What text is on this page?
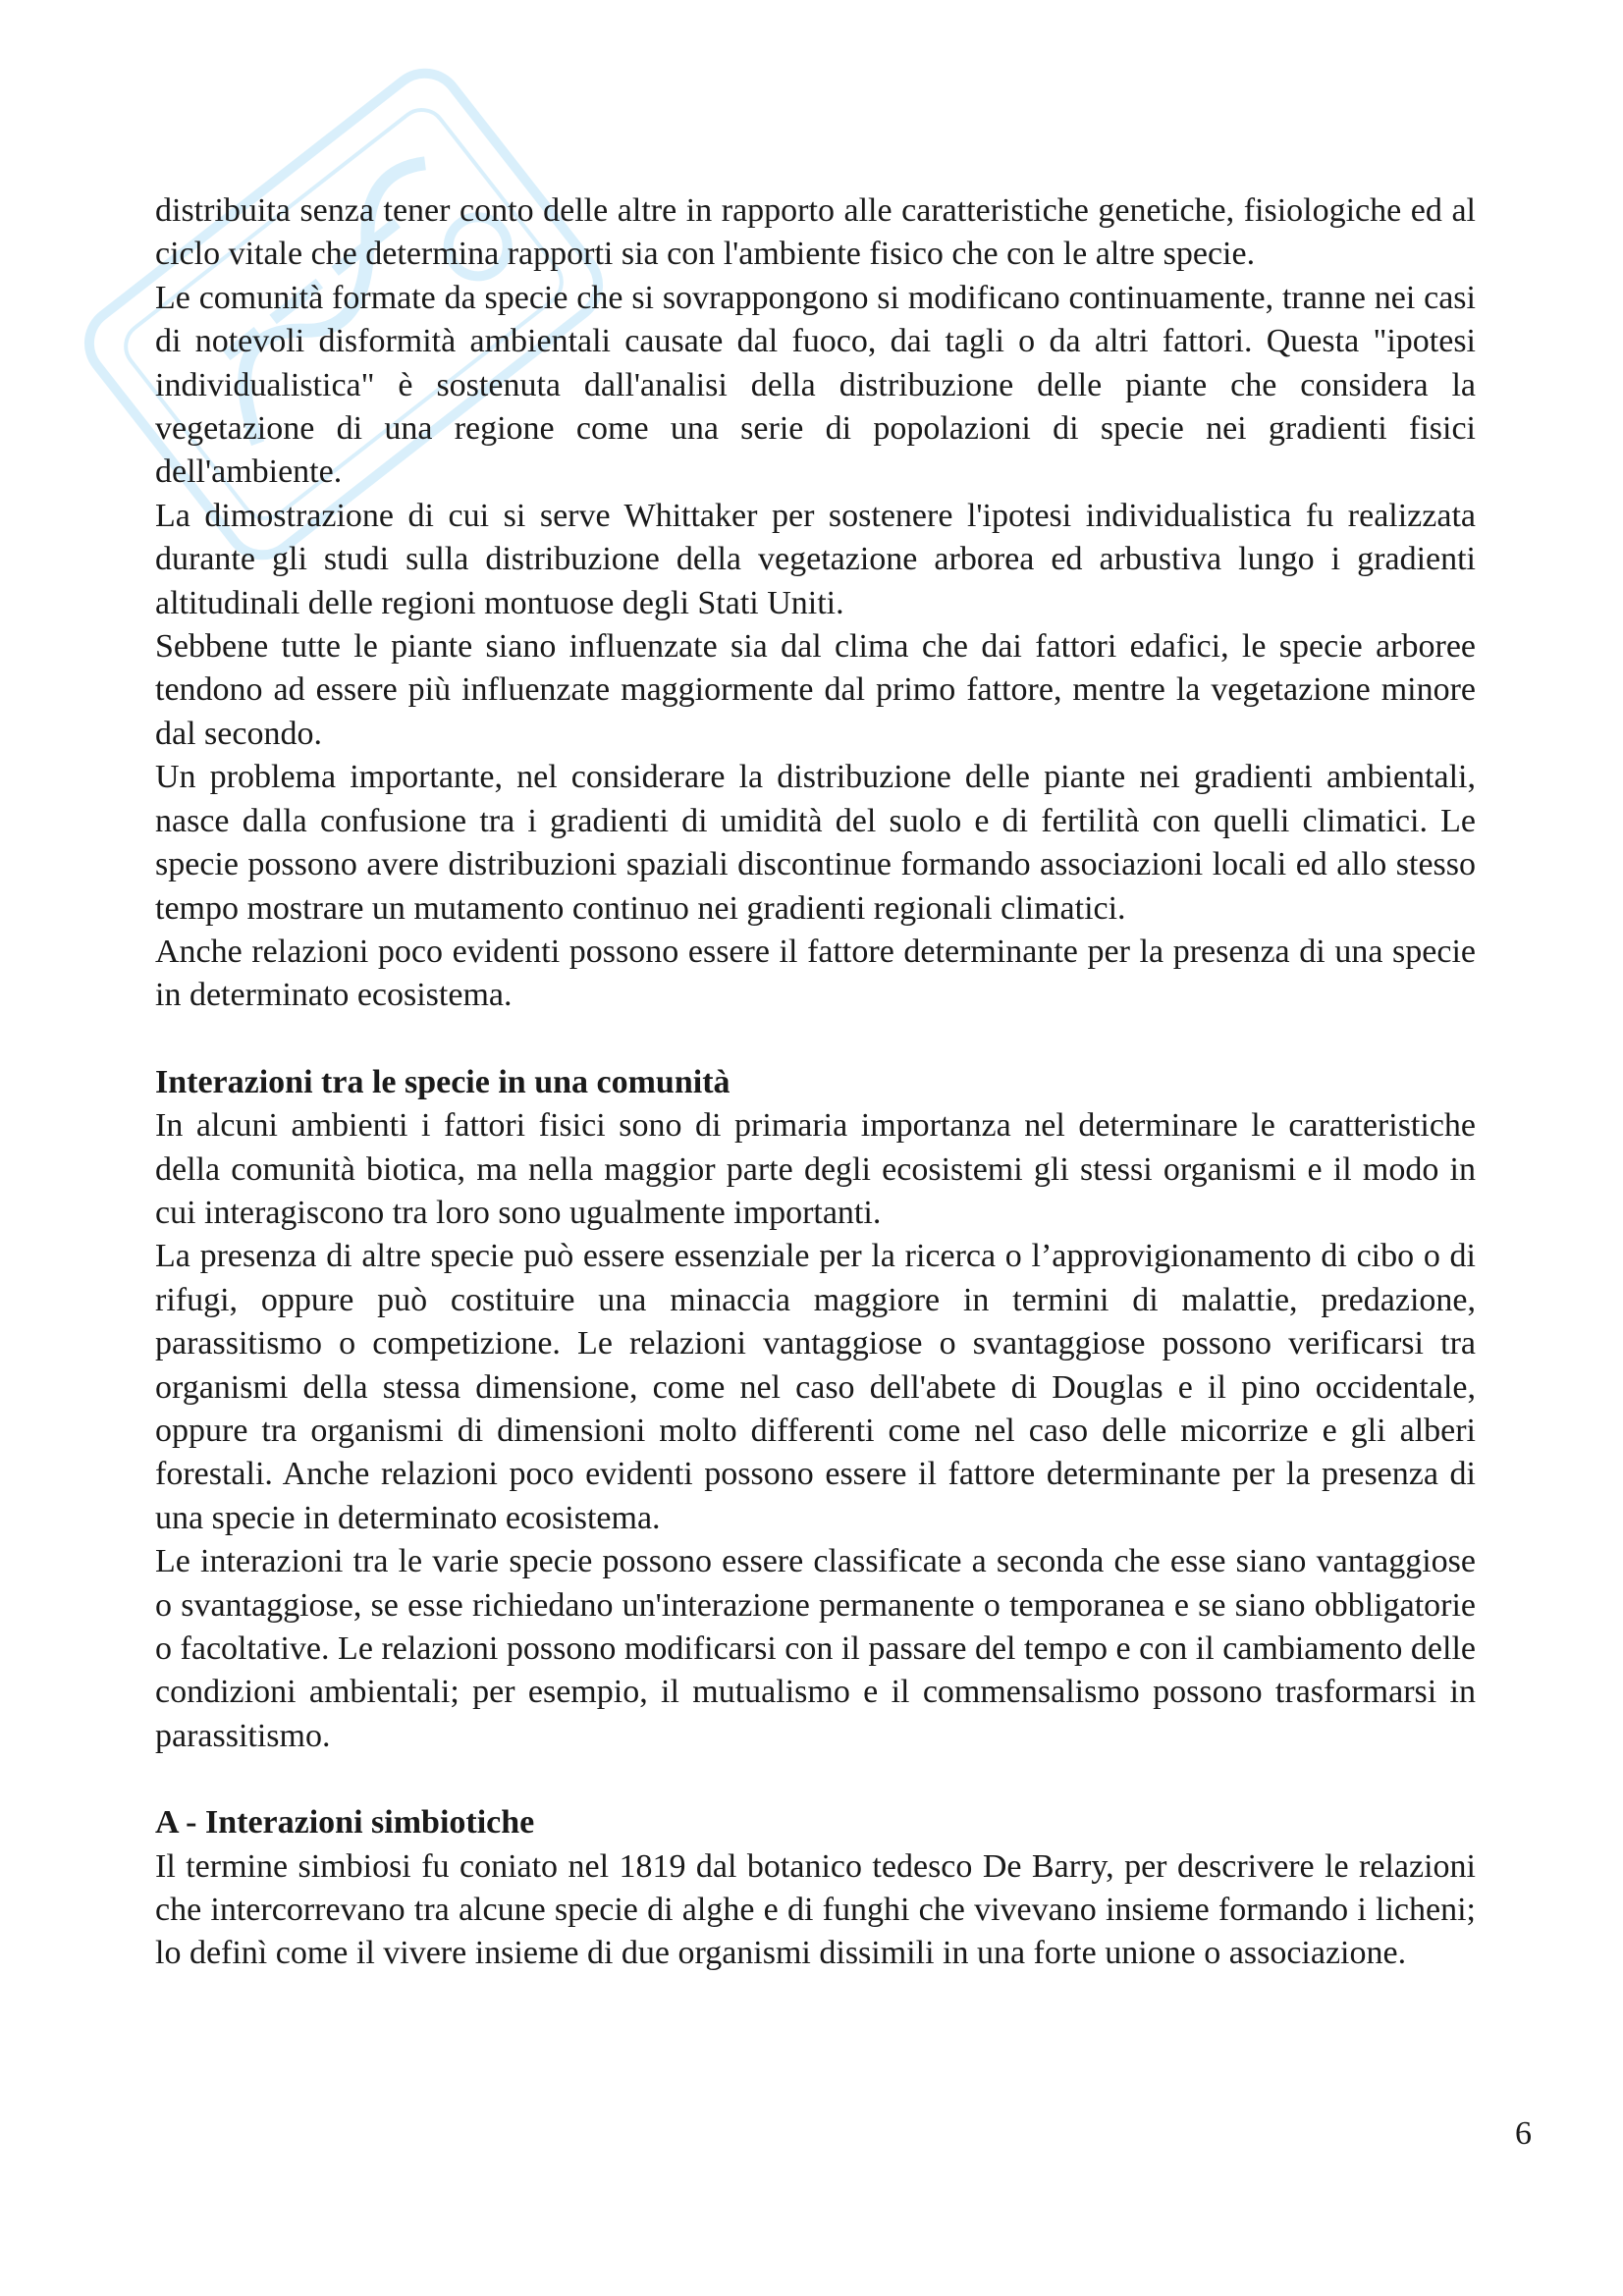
distribuita senza tener conto delle altre in rapporto alle caratteristiche genetiche, fisiologiche ed al ciclo vitale che determina rapporti sia con l'ambiente fisico che con le altre specie.

Le comunità formate da specie che si sovrappongono si modificano continuamente, tranne nei casi di notevoli disformità ambientali causate dal fuoco, dai tagli o da altri fattori. Questa "ipotesi individualistica" è sostenuta dall'analisi della distribuzione delle piante che considera la vegetazione di una regione come una serie di popolazioni di specie nei gradienti fisici dell'ambiente.

La dimostrazione di cui si serve Whittaker per sostenere l'ipotesi individualistica fu realizzata durante gli studi sulla distribuzione della vegetazione arborea ed arbustiva lungo i gradienti altitudinali delle regioni montuose degli Stati Uniti.

Sebbene tutte le piante siano influenzate sia dal clima che dai fattori edafici, le specie arboree tendono ad essere più influenzate maggiormente dal primo fattore, mentre la vegetazione minore dal secondo.

Un problema importante, nel considerare la distribuzione delle piante nei gradienti ambientali, nasce dalla confusione tra i gradienti di umidità del suolo e di fertilità con quelli climatici. Le specie possono avere distribuzioni spaziali discontinue formando associazioni locali ed allo stesso tempo mostrare un mutamento continuo nei gradienti regionali climatici.

Anche relazioni poco evidenti possono essere il fattore determinante per la presenza di una specie in determinato ecosistema.

Interazioni tra le specie in una comunità

In alcuni ambienti i fattori fisici sono di primaria importanza nel determinare le caratteristiche della comunità biotica, ma nella maggior parte degli ecosistemi gli stessi organismi e il modo in cui interagiscono tra loro sono ugualmente importanti.

La presenza di altre specie può essere essenziale per la ricerca o l’approvigionamento di cibo o di rifugi, oppure può costituire una minaccia maggiore in termini di malattie, predazione, parassitismo o competizione. Le relazioni vantaggiose o svantaggiose possono verificarsi tra organismi della stessa dimensione, come nel caso dell'abete di Douglas e il pino occidentale, oppure tra organismi di dimensioni molto differenti come nel caso delle micorrize e gli alberi forestali. Anche relazioni poco evidenti possono essere il fattore determinante per la presenza di una specie in determinato ecosistema.

Le interazioni tra le varie specie possono essere classificate a seconda che esse siano vantaggiose o svantaggiose, se esse richiedano un'interazione permanente o temporanea e se siano obbligatorie o facoltative. Le relazioni possono modificarsi con il passare del tempo e con il cambiamento delle condizioni ambientali; per esempio, il mutualismo e il commensalismo possono trasformarsi in parassitismo.

A - Interazioni simbiotiche

Il termine simbiosi fu coniato nel 1819 dal botanico tedesco De Barry, per descrivere le relazioni che intercorrevano tra alcune specie di alghe e di funghi che vivevano insieme formando i licheni; lo definì come il vivere insieme di due organismi dissimili in una forte unione o associazione.

6
